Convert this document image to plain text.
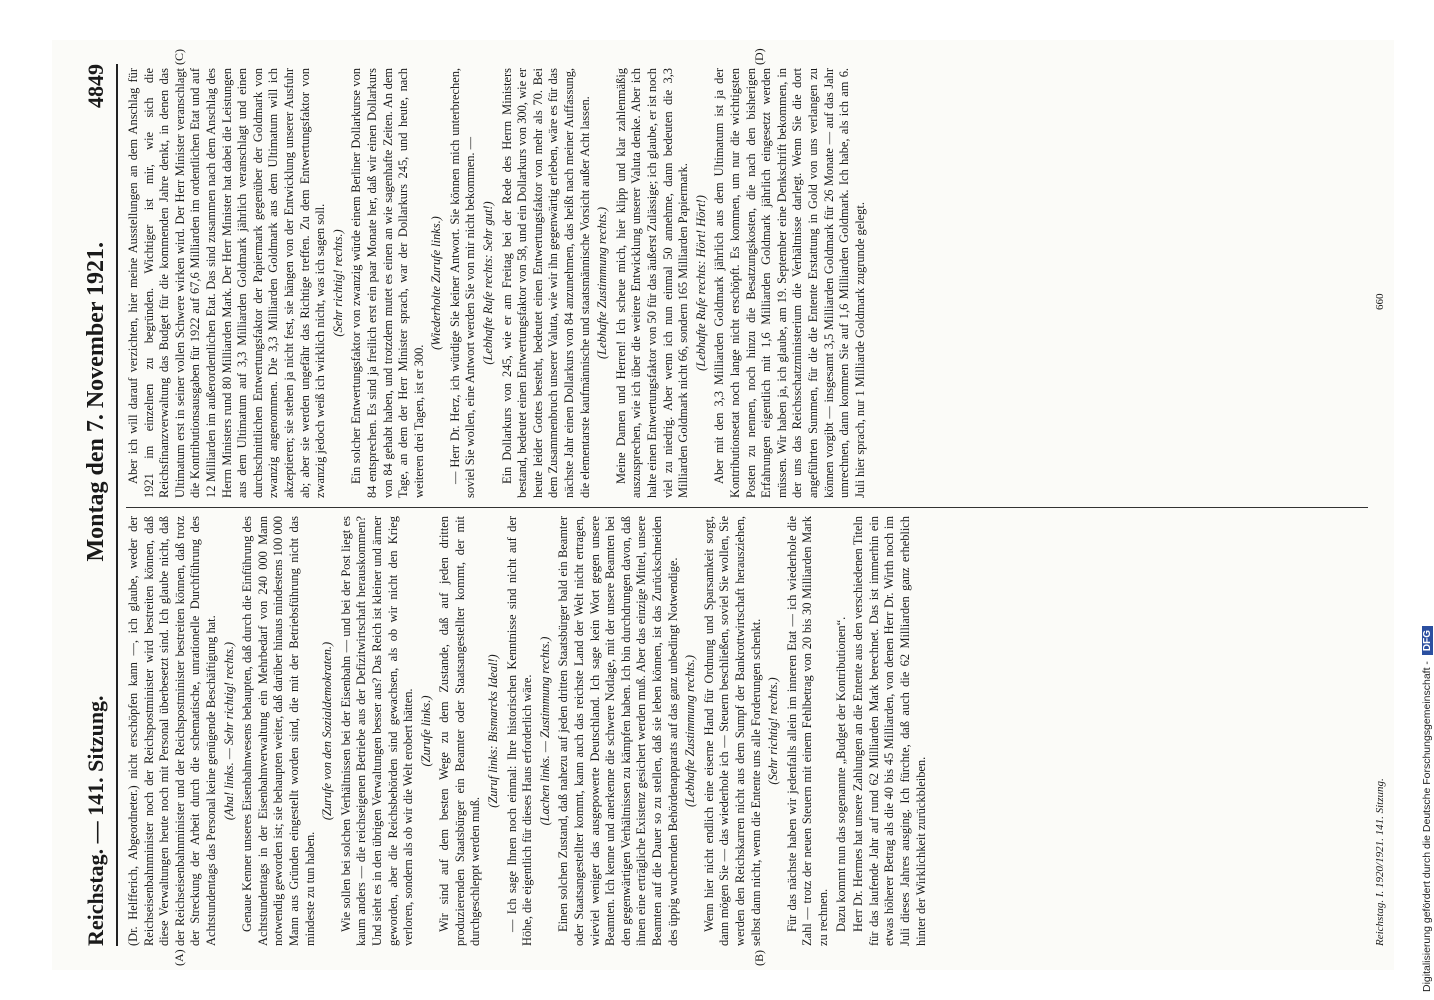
Reichstag. — 141. Sitzung.
Montag den 7. November 1921.
4849
(A)	(B)
(C)	(D)

(Dr. Helfferich, Abgeordneter.) nicht erschöpfen kann —, ich glaube, weder der Reichseisenbahnminister noch der Reichspostminister wird bestreiten können, daß diese Verwaltungen heute noch mit Personal überbesetzt sind. Ich glaube nicht, daß der Reichseisenbahnminister und der Reichspostminister bestreiten können, daß trotz der Streckung der Arbeit durch die schematische, unrationelle Durchführung des Achtstundentags das Personal keine genügende Beschäftigung hat. (Aha! links. — Sehr richtig! rechts.) Genaue Kenner unseres Eisenbahnwesens behaupten, daß durch die Einführung des Achtstundentags in der Eisenbahnverwaltung ein Mehrbedarf von 240 000 Mann notwendig geworden ist; sie behaupten weiter, daß darüber hinaus mindestens 100 000 Mann aus Gründen eingestellt worden sind, die mit der Betriebsführung nicht das mindeste zu tun haben.

(Zurufe von den Sozialdemokraten.) Wie sollen bei solchen Verhältnissen bei der Eisenbahn — und bei der Post liegt es kaum anders — die reichseigenen Betriebe aus der Defizitwirtschaft herauskommen? Und sieht es in den übrigen Verwaltungen besser aus? Das Reich ist kleiner und ärmer geworden, aber die Reichsbehörden sind gewachsen, als ob wir nicht den Krieg verloren, sondern als ob wir die Welt erobert hätten. (Zurufe links.) Wir sind auf dem besten Wege zu dem Zustande, daß auf jeden dritten produzierenden Staatsbürger ein Beamter oder Staatsangestellter kommt, der mit durchgeschleppt werden muß.

(Zuruf links: Bismarcks Ideal!) — Ich sage Ihnen noch einmal: Ihre historischen Kenntnisse sind nicht auf der Höhe, die eigentlich für dieses Haus erforderlich wäre. (Lachen links. — Zustimmung rechts.) Einen solchen Zustand, daß nahezu auf jeden dritten Staatsbürger bald ein Beamter oder Staatsangestellter kommt, kann auch das reichste Land der Welt nicht ertragen, wieviel weniger das ausgepowerte Deutschland. Ich sage kein Wort gegen unsere Beamten. Ich kenne und anerkenne die schwere Notlage, mit der unsere Beamten bei den gegenwärtigen Verhältnissen zu kämpfen haben. Ich bin durchdrungen davon, daß ihnen eine erträgliche Existenz gesichert werden muß. Aber das einzige Mittel, unsere Beamten auf die Dauer so zu stellen, daß sie leben können, ist das Zurückschneiden des üppig wuchernden Behördenapparats auf das ganz unbedingt Notwendige. (Lebhafte Zustimmung rechts.) Wenn hier nicht endlich eine eiserne Hand für Ordnung und Sparsamkeit sorgt, dann mögen Sie — das wiederhole ich — Steuern beschließen, soviel Sie wollen, Sie werden den Reichskarren nicht aus dem Sumpf der Bankrottwirtschaft herausziehen, selbst dann nicht, wenn die Entente uns alle Forderungen schenkt. (Sehr richtig! rechts.) Für das nächste haben wir jedenfalls allein im inneren Etat — ich wiederhole die Zahl — trotz der neuen Steuern mit einem Fehlbetrag von 20 bis 30 Milliarden Mark zu rechnen. Dazu kommt nun das sogenannte „Budget der Kontributionen“. Herr Dr. Hermes hat unsere Zahlungen an die Entente aus den verschiedenen Titeln für das laufende Jahr auf rund 62 Milliarden Mark berechnet. Das ist immerhin ein etwas höherer Betrag als die 40 bis 45 Milliarden, von denen Herr Dr. Wirth noch im Juli dieses Jahres ausging. Ich fürchte, daß auch die 62 Milliarden ganz erheblich hinter der Wirklichkeit zurückbleiben.

Aber ich will darauf verzichten, hier meine Ausstellungen an dem Anschlag für 1921 im einzelnen zu begründen. Wichtiger ist mir, wie sich die Reichsfinanzverwaltung das Budget für die kommenden Jahre denkt, in denen das Ultimatum erst in seiner vollen Schwere wirken wird. Der Herr Minister veranschlagt die Kontributionsausgaben für 1922 auf 67,6 Milliarden im ordentlichen Etat und auf 12 Milliarden im außerordentlichen Etat. Das sind zusammen nach dem Anschlag des Herrn Ministers rund 80 Milliarden Mark. Der Herr Minister hat dabei die Leistungen aus dem Ultimatum auf 3,3 Milliarden Goldmark jährlich veranschlagt und einen durchschnittlichen Entwertungsfaktor der Papiermark gegenüber der Goldmark von zwanzig angenommen. Die 3,3 Milliarden Goldmark aus dem Ultimatum will ich akzeptieren; sie stehen ja nicht fest, sie hängen von der Entwicklung unserer Ausfuhr ab; aber sie werden ungefähr das Richtige treffen. Zu dem Entwertungsfaktor von zwanzig jedoch weiß ich wirklich nicht, was ich sagen soll. (Sehr richtig! rechts.) Ein solcher Entwertungsfaktor von zwanzig würde einem Berliner Dollarkurse von 84 entsprechen. Es sind ja freilich erst ein paar Monate her, daß wir einen Dollarkurs von 84 gehabt haben, und trotzdem mutet es einen an wie sagenhafte Zeiten. An dem Tage, an dem der Herr Minister sprach, war der Dollarkurs 245, und heute, nach weiteren drei Tagen, ist er 300.

(Wiederholte Zurufe links.) — Herr Dr. Herz, ich würdige Sie keiner Antwort. Sie können mich unterbrechen, soviel Sie wollen, eine Antwort werden Sie von mir nicht bekommen. — (Lebhafte Rufe rechts: Sehr gut!) Ein Dollarkurs von 245, wie er am Freitag bei der Rede des Herrn Ministers bestand, bedeutet einen Entwertungsfaktor von 58, und ein Dollarkurs von 300, wie er heute leider Gottes besteht, bedeutet einen Entwertungsfaktor von mehr als 70. Bei dem Zusammenbruch unserer Valuta, wie wir ihn gegenwärtig erleben, wäre es für das nächste Jahr einen Dollarkurs von 84 anzunehmen, das heißt nach meiner Auffassung, die elementarste kaufmännische und staatsmännische Vorsicht außer Acht lassen. (Lebhafte Zustimmung rechts.) Meine Damen und Herren! Ich scheue mich, hier klipp und klar zahlenmäßig auszusprechen, wie ich über die weitere Entwicklung unserer Valuta denke. Aber ich halte einen Entwertungsfaktor von 50 für das äußerst Zulässige; ich glaube, er ist noch viel zu niedrig. Aber wenn ich nun einmal 50 annehme, dann bedeuten die 3,3 Milliarden Goldmark nicht 66, sondern 165 Milliarden Papiermark. (Lebhafte Rufe rechts: Hört! Hört!) Aber mit den 3,3 Milliarden Goldmark jährlich aus dem Ultimatum ist ja der Kontributionsetat noch lange nicht erschöpft. Es kommen, um nur die wichtigsten Posten zu nennen, noch hinzu die Besatzungskosten, die nach den bisherigen Erfahrungen eigentlich mit 1,6 Milliarden Goldmark jährlich eingesetzt werden müssen. Wir haben ja, ich glaube, am 19. September eine Denkschrift bekommen, in der uns das Reichsschatzministerium die Verhältnisse darlegt. Wenn Sie die dort angeführten Summen, für die die Entente Erstattung in Gold von uns verlangen zu können vorgibt — insgesamt 3,5 Milliarden Goldmark für 26 Monate — auf das Jahr umrechnen, dann kommen Sie auf 1,6 Milliarden Goldmark. Ich habe, als ich am 6. Juli hier sprach, nur 1 Milliarde Goldmark zugrunde gelegt.

Reichstag. I. 1920/1921. 141. Sitzung.
660
Digitalisierung gefördert durch die Deutsche Forschungsgemeinschaft -DFG
